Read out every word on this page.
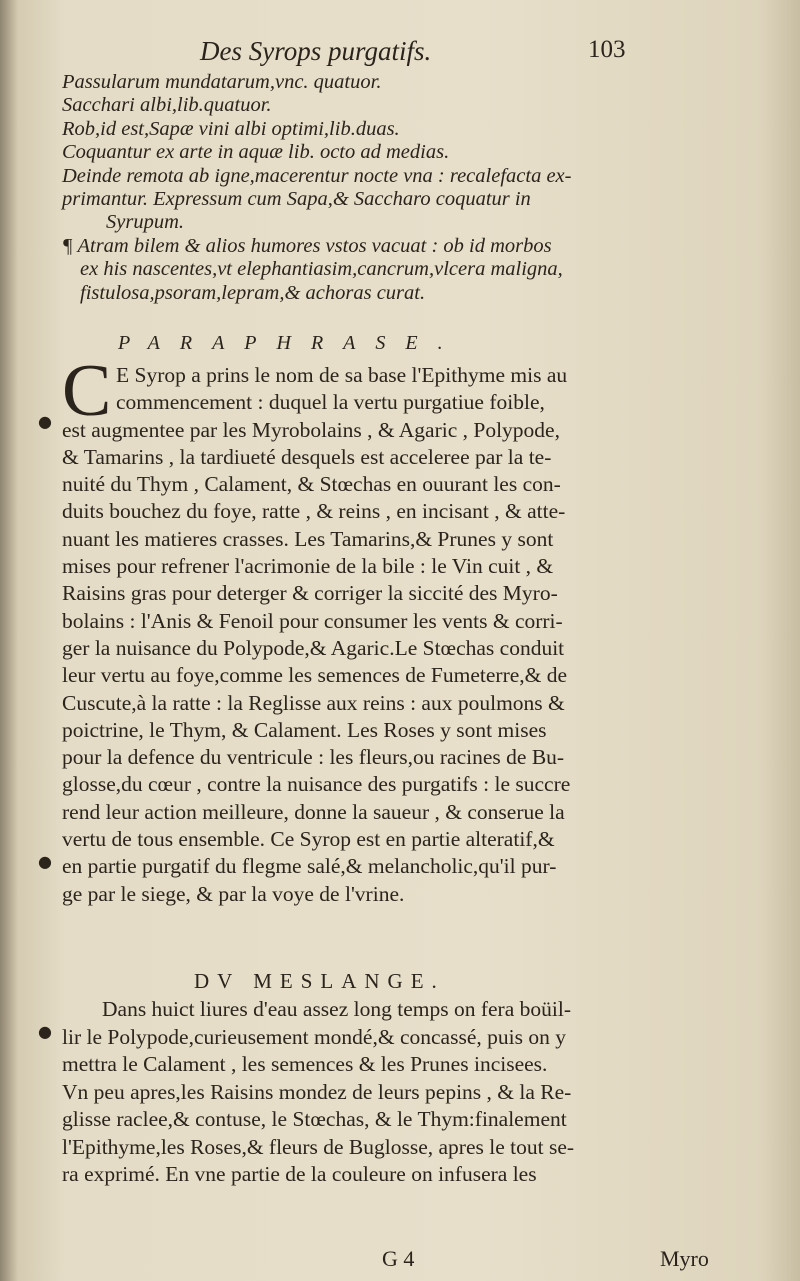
Des Syrops purgatifs.	103
Passularum mundatarum,vnc. quatuor.
Sacchari albi,lib.quatuor.
Rob,id est,Sapæ vini albi optimi,lib.duas.
Coquantur ex arte in aquæ lib. octo ad medias.
Deinde remota ab igne,macerentur nocte vna : recalefacta ex-
primantur. Expressum cum Sapa,& Saccharo coquatur in
Syrupum.
¶ Atram bilem & alios humores vstos vacuat : ob id morbos
ex his nascentes,vt elephantiasim,cancrum,vlcera maligna,
fistulosa,psoram,lepram,& achoras curat.
PARAPHRASE.
C E Syrop a prins le nom de sa base l'Epithyme mis au
commencement : duquel la vertu purgatiue foible,
est augmentee par les Myrobolains , & Agaric , Polypode,
& Tamarins , la tardiueté desquels est acceleree par la te-
nuité du Thym , Calament, & Stœchas en ouurant les con-
duits bouchez du foye, ratte , & reins , en incisant , & atte-
nuant les matieres crasses. Les Tamarins,& Prunes y sont
mises pour refrener l'acrimonie de la bile : le Vin cuit , &
Raisins gras pour deterger & corriger la siccité des Myro-
bolains : l'Anis & Fenoil pour consumer les vents & corri-
ger la nuisance du Polypode,& Agaric.Le Stœchas conduit
leur vertu au foye,comme les semences de Fumeterre,& de
Cuscute,à la ratte : la Reglisse aux reins : aux poulmons &
poictrine, le Thym, & Calament. Les Roses y sont mises
pour la defence du ventricule : les fleurs,ou racines de Bu-
glosse,du cœur , contre la nuisance des purgatifs : le succre
rend leur action meilleure, donne la saueur , & conserue la
vertu de tous ensemble. Ce Syrop est en partie alteratif,&
en partie purgatif du flegme salé,& melancholic,qu'il pur-
ge par le siege, & par la voye de l'vrine.
●
●
●
DV MESLANGE.
Dans huict liures d'eau assez long temps on fera boüil-
lir le Polypode,curieusement mondé,& concassé, puis on y
mettra le Calament , les semences & les Prunes incisees.
Vn peu apres,les Raisins mondez de leurs pepins , & la Re-
glisse raclee,& contuse, le Stœchas, & le Thym:finalement
l'Epithyme,les Roses,& fleurs de Buglosse, apres le tout se-
ra exprimé. En vne partie de la couleure on infusera les
G 4	Myro
